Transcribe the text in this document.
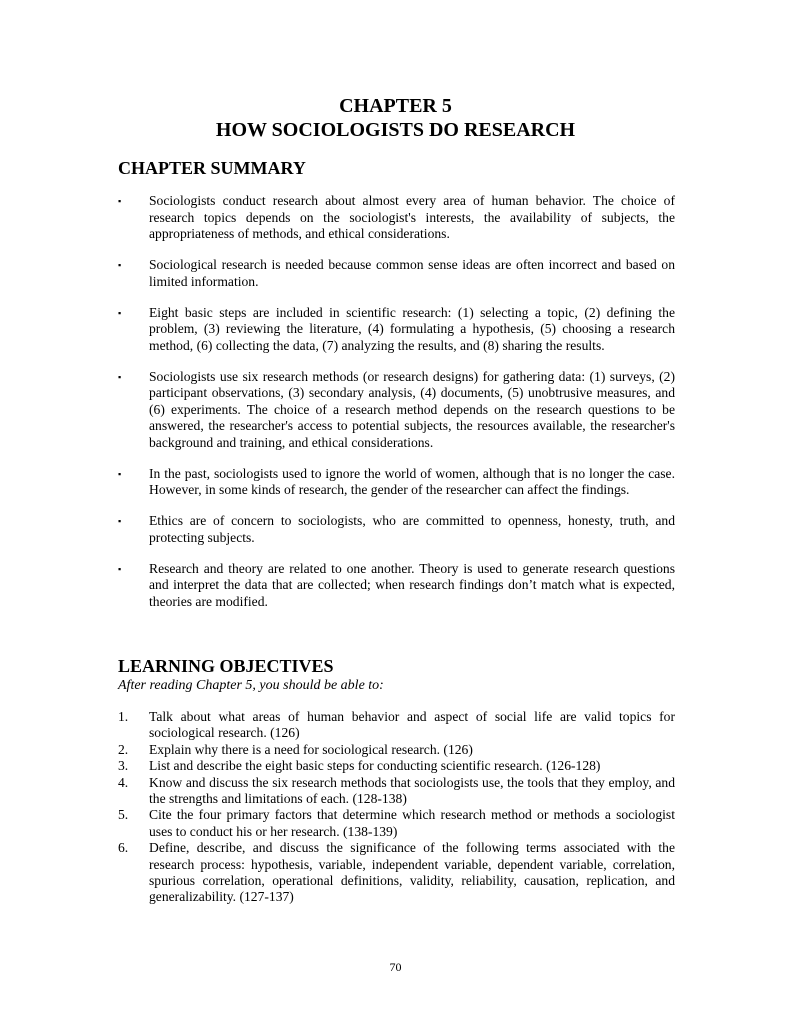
CHAPTER 5
HOW SOCIOLOGISTS DO RESEARCH
CHAPTER SUMMARY
▪ Sociologists conduct research about almost every area of human behavior. The choice of research topics depends on the sociologist's interests, the availability of subjects, the appropriateness of methods, and ethical considerations.
▪ Sociological research is needed because common sense ideas are often incorrect and based on limited information.
▪ Eight basic steps are included in scientific research: (1) selecting a topic, (2) defining the problem, (3) reviewing the literature, (4) formulating a hypothesis, (5) choosing a research method, (6) collecting the data, (7) analyzing the results, and (8) sharing the results.
▪ Sociologists use six research methods (or research designs) for gathering data: (1) surveys, (2) participant observations, (3) secondary analysis, (4) documents, (5) unobtrusive measures, and (6) experiments. The choice of a research method depends on the research questions to be answered, the researcher's access to potential subjects, the resources available, the researcher's background and training, and ethical considerations.
▪ In the past, sociologists used to ignore the world of women, although that is no longer the case. However, in some kinds of research, the gender of the researcher can affect the findings.
▪ Ethics are of concern to sociologists, who are committed to openness, honesty, truth, and protecting subjects.
▪ Research and theory are related to one another. Theory is used to generate research questions and interpret the data that are collected; when research findings don’t match what is expected, theories are modified.
LEARNING OBJECTIVES
After reading Chapter 5, you should be able to:
1. Talk about what areas of human behavior and aspect of social life are valid topics for sociological research. (126)
2. Explain why there is a need for sociological research. (126)
3. List and describe the eight basic steps for conducting scientific research. (126-128)
4. Know and discuss the six research methods that sociologists use, the tools that they employ, and the strengths and limitations of each. (128-138)
5. Cite the four primary factors that determine which research method or methods a sociologist uses to conduct his or her research. (138-139)
6. Define, describe, and discuss the significance of the following terms associated with the research process: hypothesis, variable, independent variable, dependent variable, correlation, spurious correlation, operational definitions, validity, reliability, causation, replication, and generalizability. (127-137)
70
